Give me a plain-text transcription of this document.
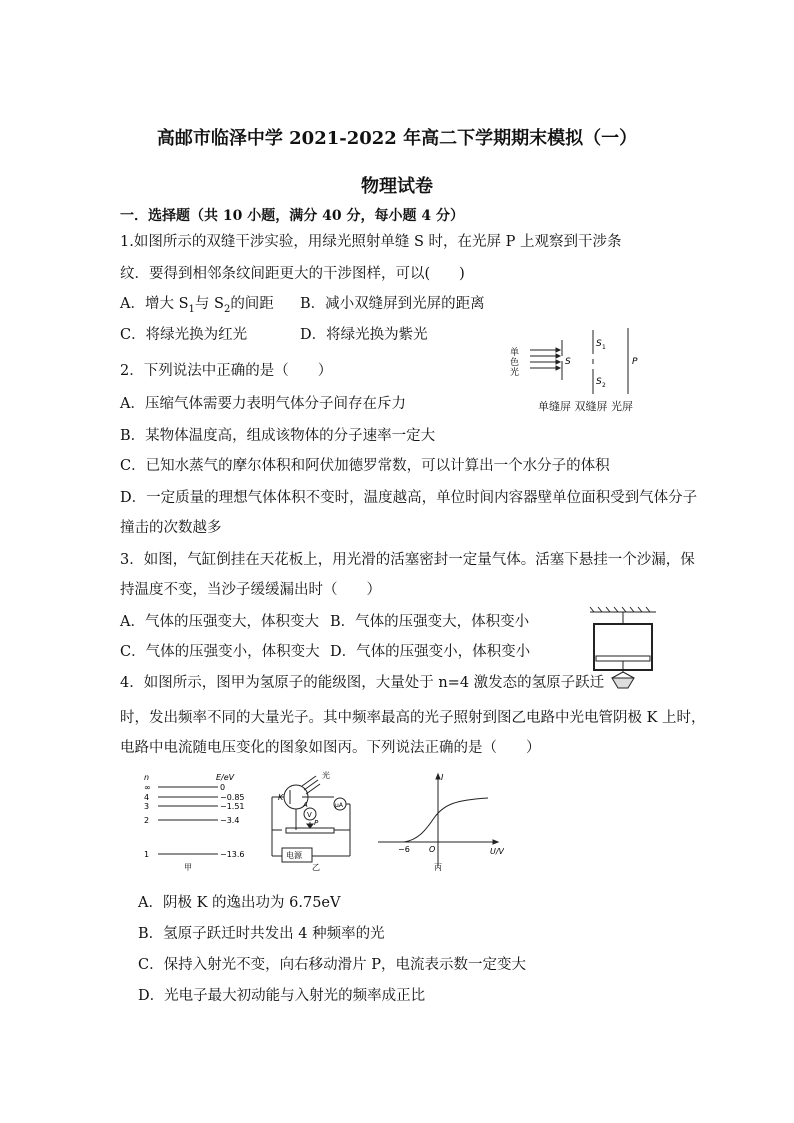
高邮市临泽中学 2021-2022 年高二下学期期末模拟（一）
物理试卷
一．选择题（共 10 小题，满分 40 分，每小题 4 分）
1.如图所示的双缝干涉实验，用绿光照射单缝 S 时，在光屏 P 上观察到干涉条
纹．要得到相邻条纹间距更大的干涉图样，可以(　　)
A．增大 $S_1$与 $S_2$的间距 B．减小双缝屏到光屏的距离
C．将绿光换为红光	D．将绿光换为紫光
单
色
光
S
S 1
S 2
P
单缝屏 双缝屏 光屏
2．下列说法中正确的是（　　）
A．压缩气体需要力表明气体分子间存在斥力
B．某物体温度高，组成该物体的分子速率一定大
C．已知水蒸气的摩尔体积和阿伏加德罗常数，可以计算出一个水分子的体积
D．一定质量的理想气体体积不变时，温度越高，单位时间内容器壁单位面积受到气体分子
撞击的次数越多
3．如图，气缸倒挂在天花板上，用光滑的活塞密封一定量气体。活塞下悬挂一个沙漏，保
持温度不变，当沙子缓缓漏出时（　　）
A．气体的压强变大，体积变大 B．气体的压强变大，体积变小
C．气体的压强变小，体积变大 D．气体的压强变小，体积变小
4．如图所示，图甲为氢原子的能级图，大量处于 n=4 激发态的氢原子跃迁
时，发出频率不同的大量光子。其中频率最高的光子照射到图乙电路中光电管阴极 K 上时，
电路中电流随电压变化的图象如图丙。下列说法正确的是（　　）
n	E/eV
∞	0
4	−0.85
3	−1.51
2	−3.4
1	−13.6
甲
光
K
A	μA
V
P
电源
乙
I
U/V
O
−6
丙
A．阴极 K 的逸出功为 6.75eV
B．氢原子跃迁时共发出 4 种频率的光
C．保持入射光不变，向右移动滑片 P，电流表示数一定变大
D．光电子最大初动能与入射光的频率成正比
